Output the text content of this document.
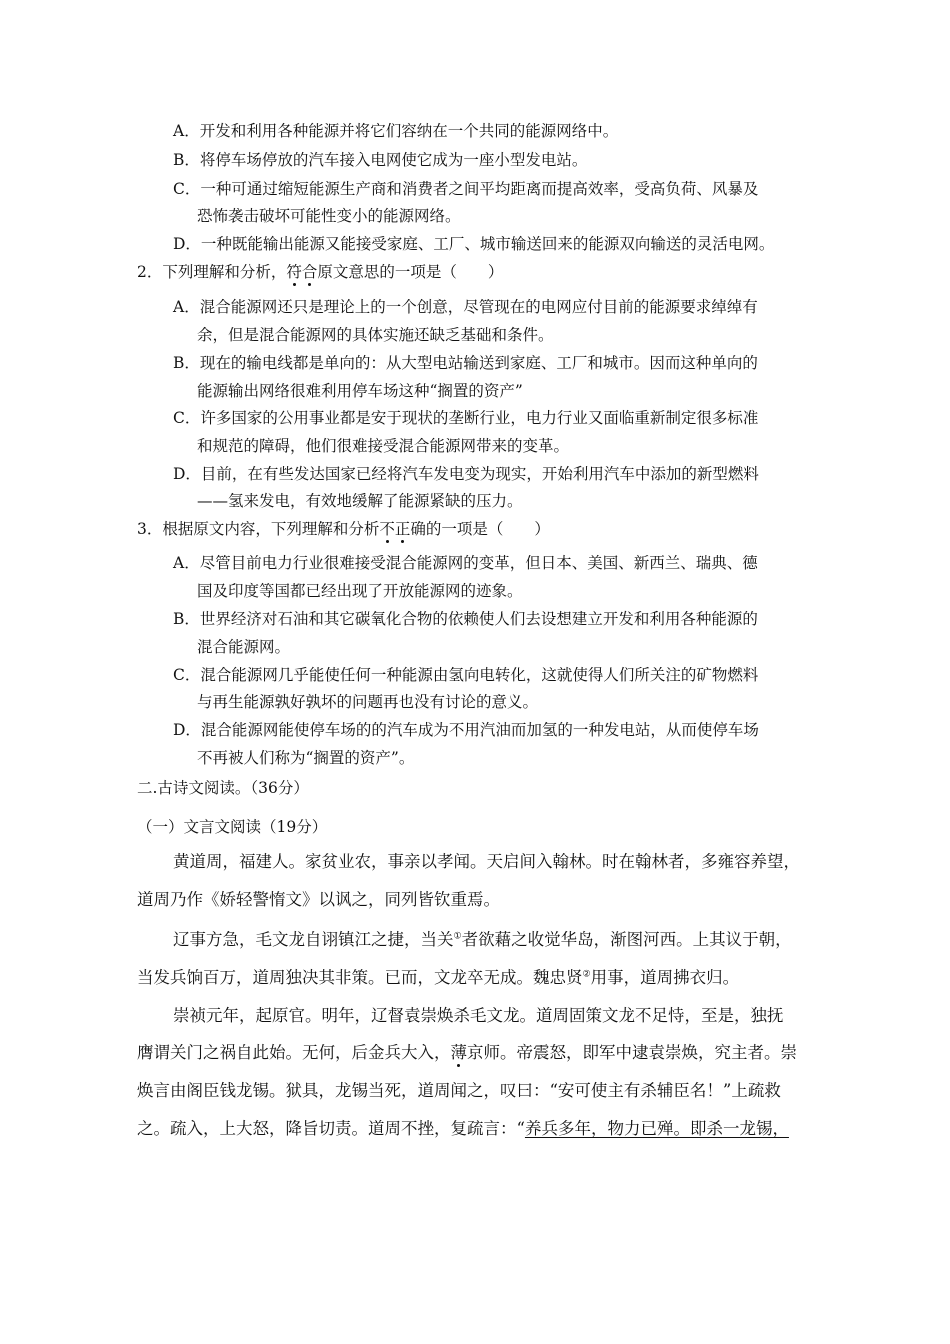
A．开发和利用各种能源并将它们容纳在一个共同的能源网络中。
B．将停车场停放的汽车接入电网使它成为一座小型发电站。
C．一种可通过缩短能源生产商和消费者之间平均距离而提高效率，受高负荷、风暴及
恐怖袭击破坏可能性变小的能源网络。
D．一种既能输出能源又能接受家庭、工厂、城市输送回来的能源双向输送的灵活电网。
2．下列理解和分析，符合原文意思的一项是（　　）
A．混合能源网还只是理论上的一个创意，尽管现在的电网应付目前的能源要求绰绰有
余，但是混合能源网的具体实施还缺乏基础和条件。
B．现在的输电线都是单向的：从大型电站输送到家庭、工厂和城市。因而这种单向的
能源输出网络很难利用停车场这种“搁置的资产”
C．许多国家的公用事业都是安于现状的垄断行业，电力行业又面临重新制定很多标准
和规范的障碍，他们很难接受混合能源网带来的变革。
D．目前，在有些发达国家已经将汽车发电变为现实，开始利用汽车中添加的新型燃料
——氢来发电，有效地缓解了能源紧缺的压力。
3．根据原文内容，下列理解和分析不正确的一项是（　　）
A．尽管目前电力行业很难接受混合能源网的变革，但日本、美国、新西兰、瑞典、德
国及印度等国都已经出现了开放能源网的迹象。
B．世界经济对石油和其它碳氧化合物的依赖使人们去设想建立开发和利用各种能源的
混合能源网。
C．混合能源网几乎能使任何一种能源由氢向电转化，这就使得人们所关注的矿物燃料
与再生能源孰好孰坏的问题再也没有讨论的意义。
D．混合能源网能使停车场的的汽车成为不用汽油而加氢的一种发电站，从而使停车场
不再被人们称为“搁置的资产”。
二.古诗文阅读。（36分）
（一）文言文阅读（19分）
黄道周，福建人。家贫业农，事亲以孝闻。天启间入翰林。时在翰林者，多雍容养望，
道周乃作《娇轻警惰文》以讽之，同列皆钦重焉。
辽事方急，毛文龙自诩镇江之捷，当关①者欲藉之收觉华岛，渐图河西。上其议于朝，
当发兵饷百万，道周独决其非策。已而，文龙卒无成。魏忠贤②用事，道周拂衣归。
崇祯元年，起原官。明年，辽督袁崇焕杀毛文龙。道周固策文龙不足恃，至是，独抚
膺谓关门之祸自此始。无何，后金兵大入，薄京师。帝震怒，即军中逮袁崇焕，究主者。崇
焕言由阁臣钱龙锡。狱具，龙锡当死，道周闻之，叹曰：“安可使主有杀辅臣名！”上疏救
之。疏入，上大怒，降旨切责。道周不挫，复疏言：“养兵多年，物力已殚。即杀一龙锡，
